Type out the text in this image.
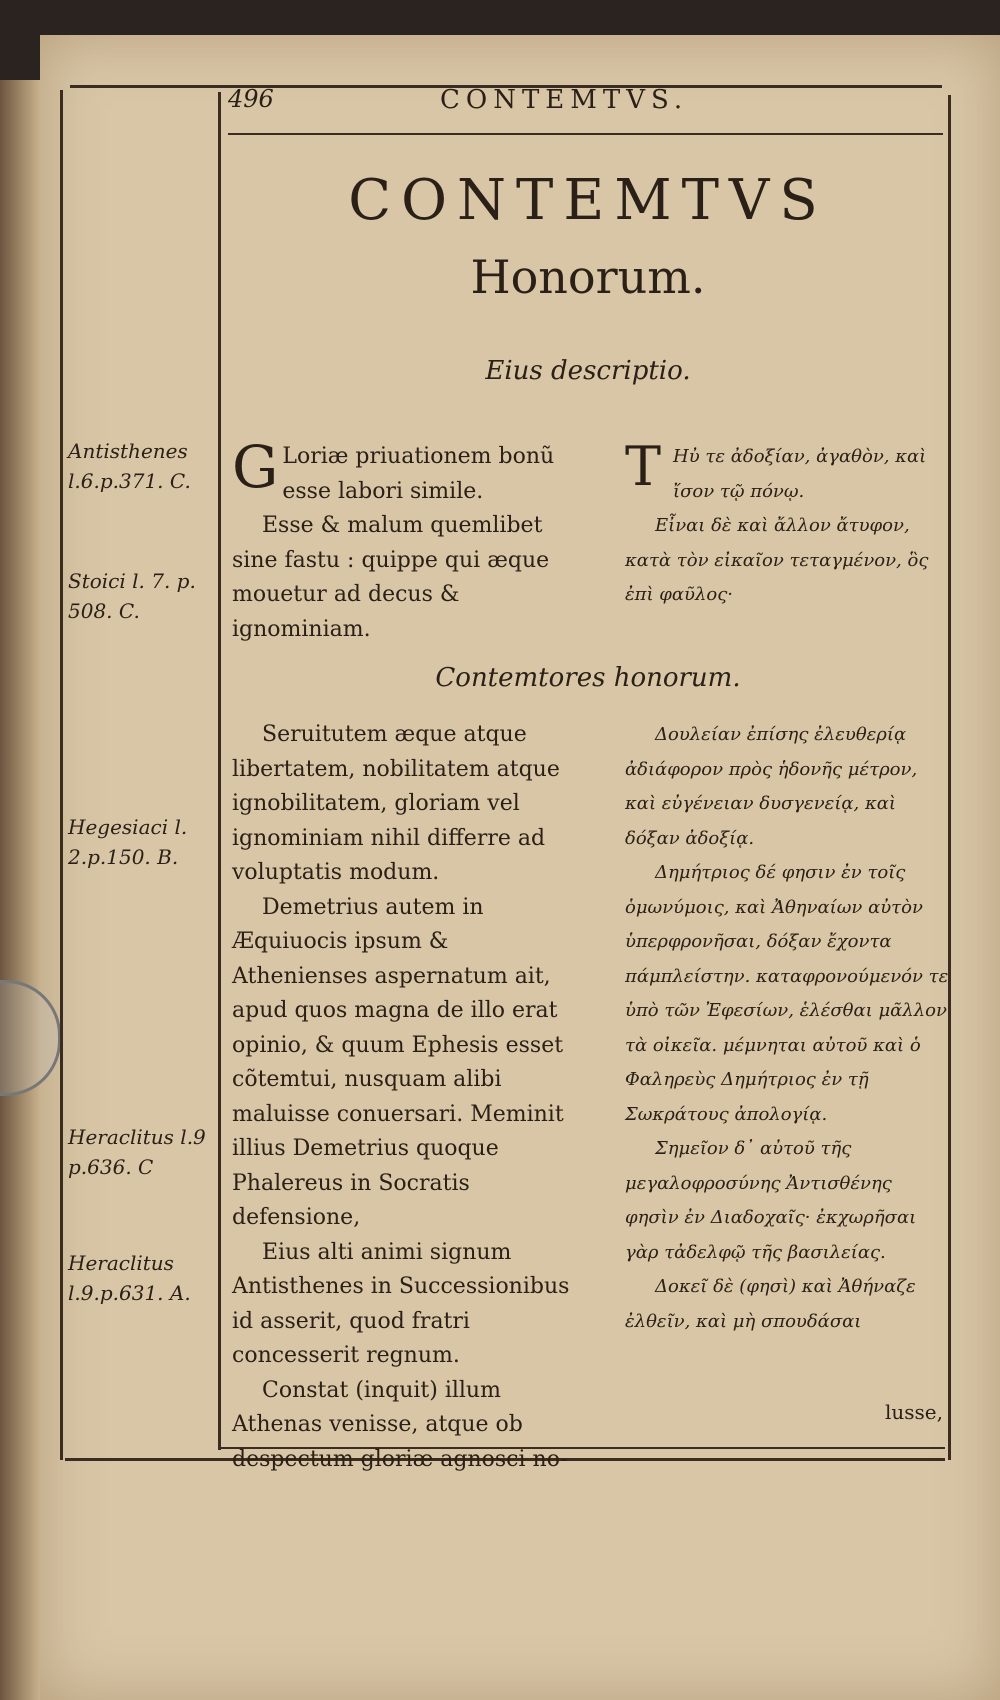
496	CONTEMTVS.
CONTEMTVS
Honorum.
Eius descriptio.
Antisthenes l.6.p.371. C.
Stoici l. 7. p. 508. C.

G Loriæ priuationem bonũ esse labori simile.

Esse & malum quemlibet sine fastu : quippe qui æque mouetur ad decus & ignominiam.

Τ Ηὐ τε ἀδοξίαν, ἀγαθὸν, καὶ ἴσον τῷ πόνῳ.

Εἶναι δὲ καὶ ἄλλον ἄτυφον, κατὰ τὸν εἰκαῖον τεταγμένον, ὃς ἐπὶ φαῦλος·

Contemtores honorum.
Hegesiaci l. 2.p.150. B.
Heraclitus l.9 p.636. C
Heraclitus l.9.p.631. A.

Seruitutem æque atque libertatem, nobilitatem atque ignobilitatem, gloriam vel ignominiam nihil differre ad voluptatis modum.

Demetrius autem in Æquiuocis ipsum & Athenienses aspernatum ait, apud quos magna de illo erat opinio, & quum Ephesis esset cõtemtui, nusquam alibi maluisse conuersari. Meminit illius Demetrius quoque Phalereus in Socratis defensione,

Eius alti animi signum Antisthenes in Successionibus id asserit, quod fratri concesserit regnum.

Constat (inquit) illum Athenas venisse, atque ob despectum gloriæ agnosci no-

Δουλείαν ἐπίσης ἐλευθερίᾳ ἀδιάφορον πρὸς ἡδονῆς μέτρον, καὶ εὐγένειαν δυσγενείᾳ, καὶ δόξαν ἀδοξίᾳ.

Δημήτριος δέ φησιν ἐν τοῖς ὁμωνύμοις, καὶ Ἀθηναίων αὐτὸν ὑπερφρονῆσαι, δόξαν ἔχοντα πάμπλείστην. καταφρονούμενόν τε ὑπὸ τῶν Ἐφεσίων, ἑλέσθαι μᾶλλον τὰ οἰκεῖα. μέμνηται αὐτοῦ καὶ ὁ Φαληρεὺς Δημήτριος ἐν τῇ Σωκράτους ἀπολογίᾳ.

Σημεῖον δ᾽ αὐτοῦ τῆς μεγαλοφροσύνης Ἀντισθένης φησὶν ἐν Διαδοχαῖς· ἐκχωρῆσαι γὰρ τἀδελφῷ τῆς βασιλείας.

Δοκεῖ δὲ (φησὶ) καὶ Ἀθήναζε ἐλθεῖν, καὶ μὴ σπουδάσαι

lusse,
